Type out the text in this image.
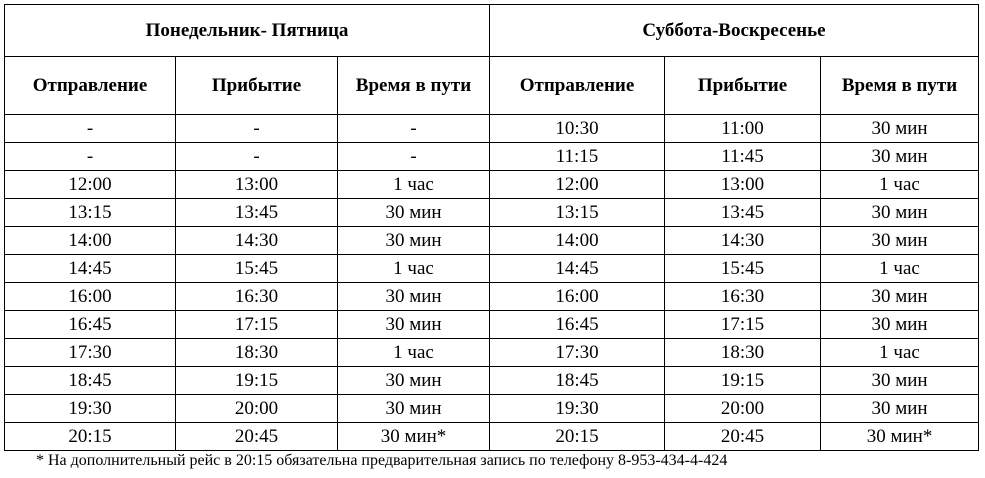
Понедельник- Пятница			Суббота-Воскресенье		
Отправление	Прибытие	Время в пути	Отправление	Прибытие	Время в пути
-	-	-	10:30	11:00	30 мин
-	-	-	11:15	11:45	30 мин
12:00	13:00	1 час	12:00	13:00	1 час
13:15	13:45	30 мин	13:15	13:45	30 мин
14:00	14:30	30 мин	14:00	14:30	30 мин
14:45	15:45	1 час	14:45	15:45	1 час
16:00	16:30	30 мин	16:00	16:30	30 мин
16:45	17:15	30 мин	16:45	17:15	30 мин
17:30	18:30	1 час	17:30	18:30	1 час
18:45	19:15	30 мин	18:45	19:15	30 мин
19:30	20:00	30 мин	19:30	20:00	30 мин
20:15	20:45	30 мин*	20:15	20:45	30 мин*
* На дополнительный рейс в 20:15 обязательна предварительная запись по телефону 8-953-434-4-424
